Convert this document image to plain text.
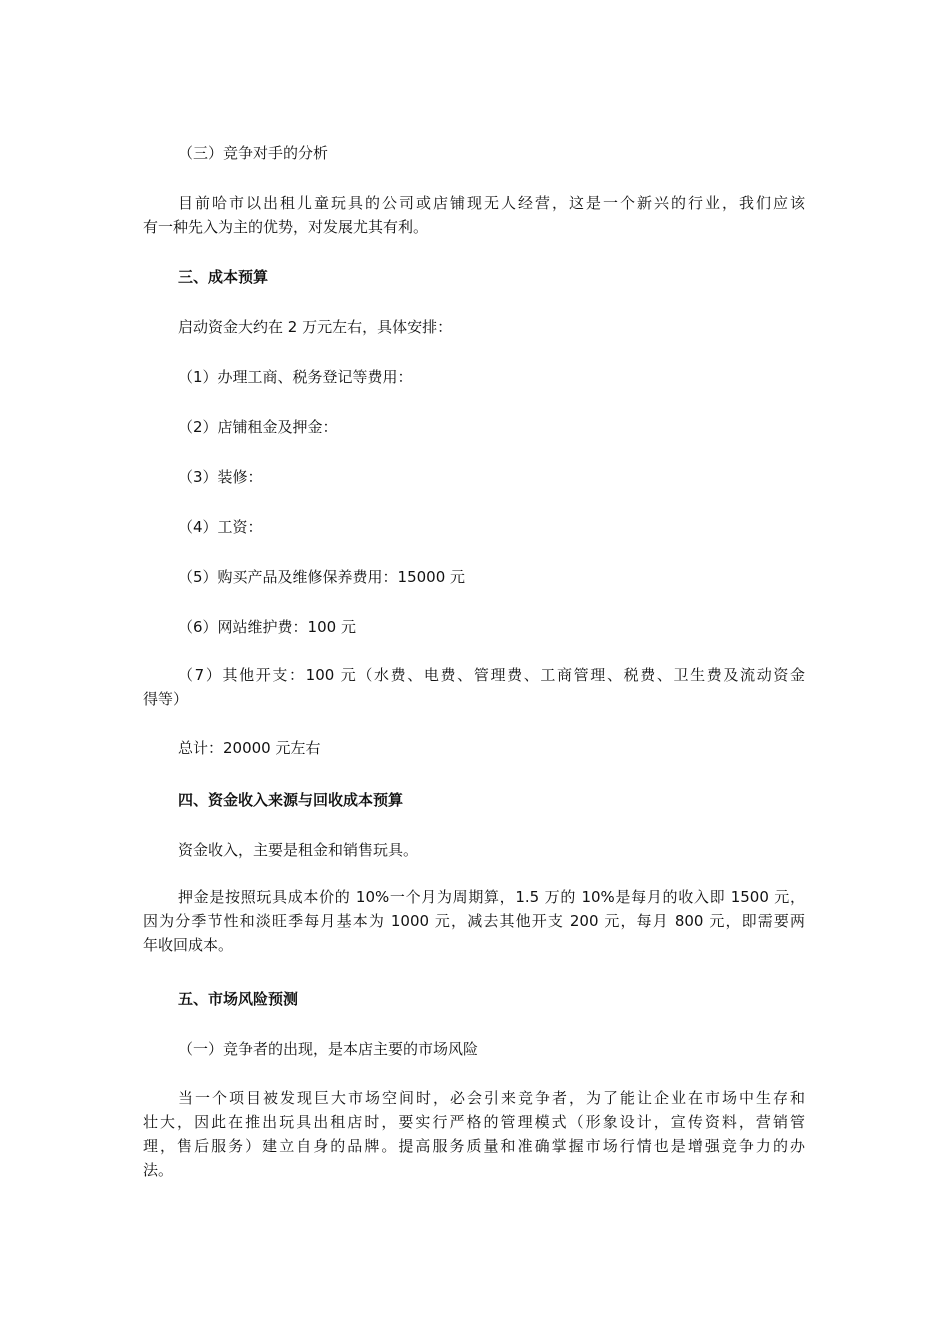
（三）竞争对手的分析
目前哈市以出租儿童玩具的公司或店铺现无人经营，这是一个新兴的行业，我们应该
有一种先入为主的优势，对发展尤其有利。
三、成本预算
启动资金大约在 2 万元左右，具体安排：
（1）办理工商、税务登记等费用：
（2）店铺租金及押金：
（3）装修：
（4）工资：
（5）购买产品及维修保养费用：15000 元
（6）网站维护费：100 元
（7）其他开支：100 元（水费、电费、管理费、工商管理、税费、卫生费及流动资金
得等）
总计：20000 元左右
四、资金收入来源与回收成本预算
资金收入，主要是租金和销售玩具。
押金是按照玩具成本价的 10%一个月为周期算，1.5 万的 10%是每月的收入即 1500 元，
因为分季节性和淡旺季每月基本为 1000 元，减去其他开支 200 元，每月 800 元，即需要两
年收回成本。
五、市场风险预测
（一）竞争者的出现，是本店主要的市场风险
当一个项目被发现巨大市场空间时，必会引来竞争者，为了能让企业在市场中生存和
壮大，因此在推出玩具出租店时，要实行严格的管理模式（形象设计，宣传资料，营销管
理，售后服务）建立自身的品牌。提高服务质量和准确掌握市场行情也是增强竞争力的办
法。
